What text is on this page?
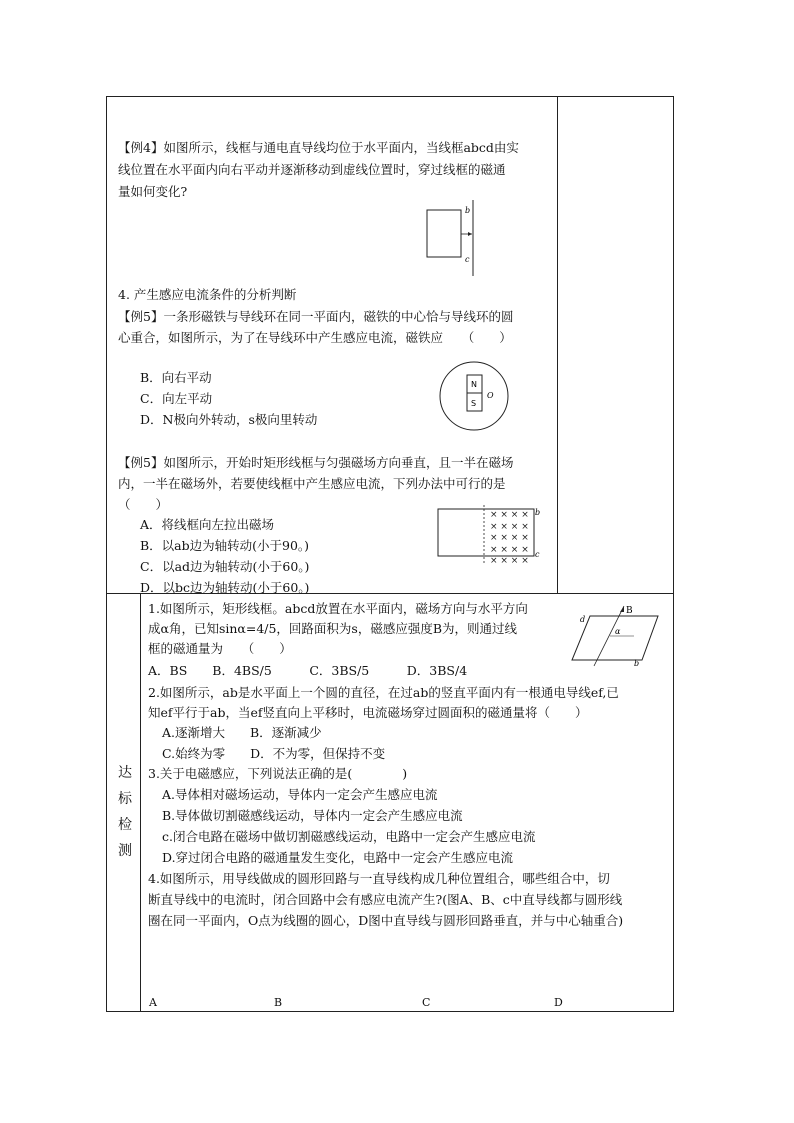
【例4】如图所示，线框与通电直导线均位于水平面内，当线框abcd由实
线位置在水平面内向右平动并逐渐移动到虚线位置时，穿过线框的磁通
量如何变化?
b
c
4. 产生感应电流条件的分析判断
【例5】一条形磁铁与导线环在同一平面内，磁铁的中心恰与导线环的圆
心重合，如图所示，为了在导线环中产生感应电流，磁铁应　　（　　）
B．向右平动
C．向左平动
D．N极向外转动，s极向里转动
N
S
O
【例5】如图所示，开始时矩形线框与匀强磁场方向垂直，且一半在磁场
内，一半在磁场外，若要使线框中产生感应电流，下列办法中可行的是
（　　）
A．将线框向左拉出磁场
B．以ab边为轴转动(小于90。)
C．以ad边为轴转动(小于60。)
D．以bc边为轴转动(小于60。)
× × × ×
× × × ×
× × × ×
× × × ×
× × × ×
b
c
达
标
检
测
1.如图所示，矩形线框。abcd放置在水平面内，磁场方向与水平方向
成α角，已知sinα=4/5，回路面积为s，磁感应强度B为，则通过线
框的磁通量为　　（　　）
A．BS　　B．4BS/5　　　C．3BS/5　　　D．3BS/4
B
α
d
b
2.如图所示，ab是水平面上一个圆的直径，在过ab的竖直平面内有一根通电导线ef,已
知ef平行于ab，当ef竖直向上平移时，电流磁场穿过圆面积的磁通量将（　　）
A.逐渐增大　　B．逐渐减少
C.始终为零　　D．不为零，但保持不变
3.关于电磁感应，下列说法正确的是(　　　　)
A.导体相对磁场运动，导体内一定会产生感应电流
B.导体做切割磁感线运动，导体内一定会产生感应电流
c.闭合电路在磁场中做切割磁感线运动，电路中一定会产生感应电流
D.穿过闭合电路的磁通量发生变化，电路中一定会产生感应电流
4.如图所示，用导线做成的圆形回路与一直导线构成几种位置组合，哪些组合中，切
断直导线中的电流时，闭合回路中会有感应电流产生?(图A、B、c中直导线都与圆形线
圈在同一平面内，O点为线圈的圆心，D图中直导线与圆形回路垂直，并与中心轴重合)
A	B	C	D
